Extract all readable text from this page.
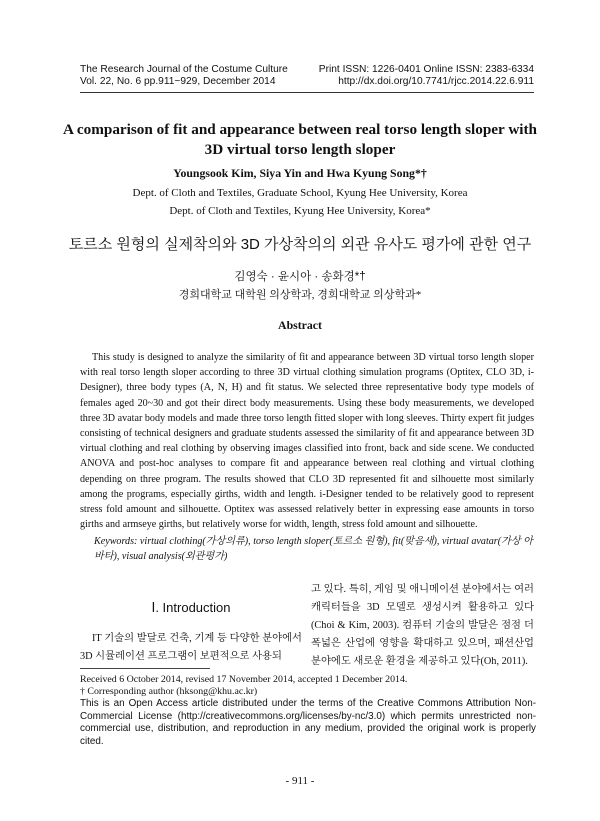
The Research Journal of the Costume Culture
Vol. 22, No. 6 pp.911~929, December 2014
Print ISSN: 1226-0401 Online ISSN: 2383-6334
http://dx.doi.org/10.7741/rjcc.2014.22.6.911
A comparison of fit and appearance between real torso length sloper with 3D virtual torso length sloper
Youngsook Kim, Siya Yin and Hwa Kyung Song*†
Dept. of Cloth and Textiles, Graduate School, Kyung Hee University, Korea
Dept. of Cloth and Textiles, Kyung Hee University, Korea*
토르소 원형의 실제착의와 3D 가상착의의 외관 유사도 평가에 관한 연구
김영숙 · 윤시아 · 송화경*†
경희대학교 대학원 의상학과, 경희대학교 의상학과*
Abstract

This study is designed to analyze the similarity of fit and appearance between 3D virtual torso length sloper with real torso length sloper according to three 3D virtual clothing simulation programs (Optitex, CLO 3D, i-Designer), three body types (A, N, H) and fit status. We selected three representative body type models of females aged 20~30 and got their direct body measurements. Using these body measurements, we developed three 3D avatar body models and made three torso length fitted sloper with long sleeves. Thirty expert fit judges consisting of technical designers and graduate students assessed the similarity of fit and appearance between 3D virtual clothing and real clothing by observing images classified into front, back and side scene. We conducted ANOVA and post-hoc analyses to compare fit and appearance between real clothing and virtual clothing depending on three program. The results showed that CLO 3D represented fit and silhouette most similarly among the programs, especially girths, width and length. i-Designer tended to be relatively good to represent stress fold amount and silhouette. Optitex was assessed relatively better in expressing ease amounts in torso girths and armseye girths, but relatively worse for width, length, stress fold amount and silhouette.

Keywords: virtual clothing(가상의류), torso length sloper(토르소 원형), fit(맞음새), virtual avatar(가상 아바타), visual analysis(외관평가)
Ⅰ. Introduction

IT 기술의 발달로 건축, 기계 등 다양한 분야에서 3D 시뮬레이션 프로그램이 보편적으로 사용되

고 있다. 특히, 게임 및 애니메이션 분야에서는 여러 캐릭터들을 3D 모델로 생성시켜 활용하고 있다(Choi & Kim, 2003). 컴퓨터 기술의 발달은 점점 더 폭넓은 산업에 영향을 확대하고 있으며, 패션산업 분야에도 새로운 환경을 제공하고 있다(Oh, 2011).

Received 6 October 2014, revised 17 November 2014, accepted 1 December 2014.

† Corresponding author (hksong@khu.ac.kr)

This is an Open Access article distributed under the terms of the Creative Commons Attribution Non-Commercial License (http://creativecommons.org/licenses/by-nc/3.0) which permits unrestricted non-commercial use, distribution, and reproduction in any medium, provided the original work is properly cited.

- 911 -
